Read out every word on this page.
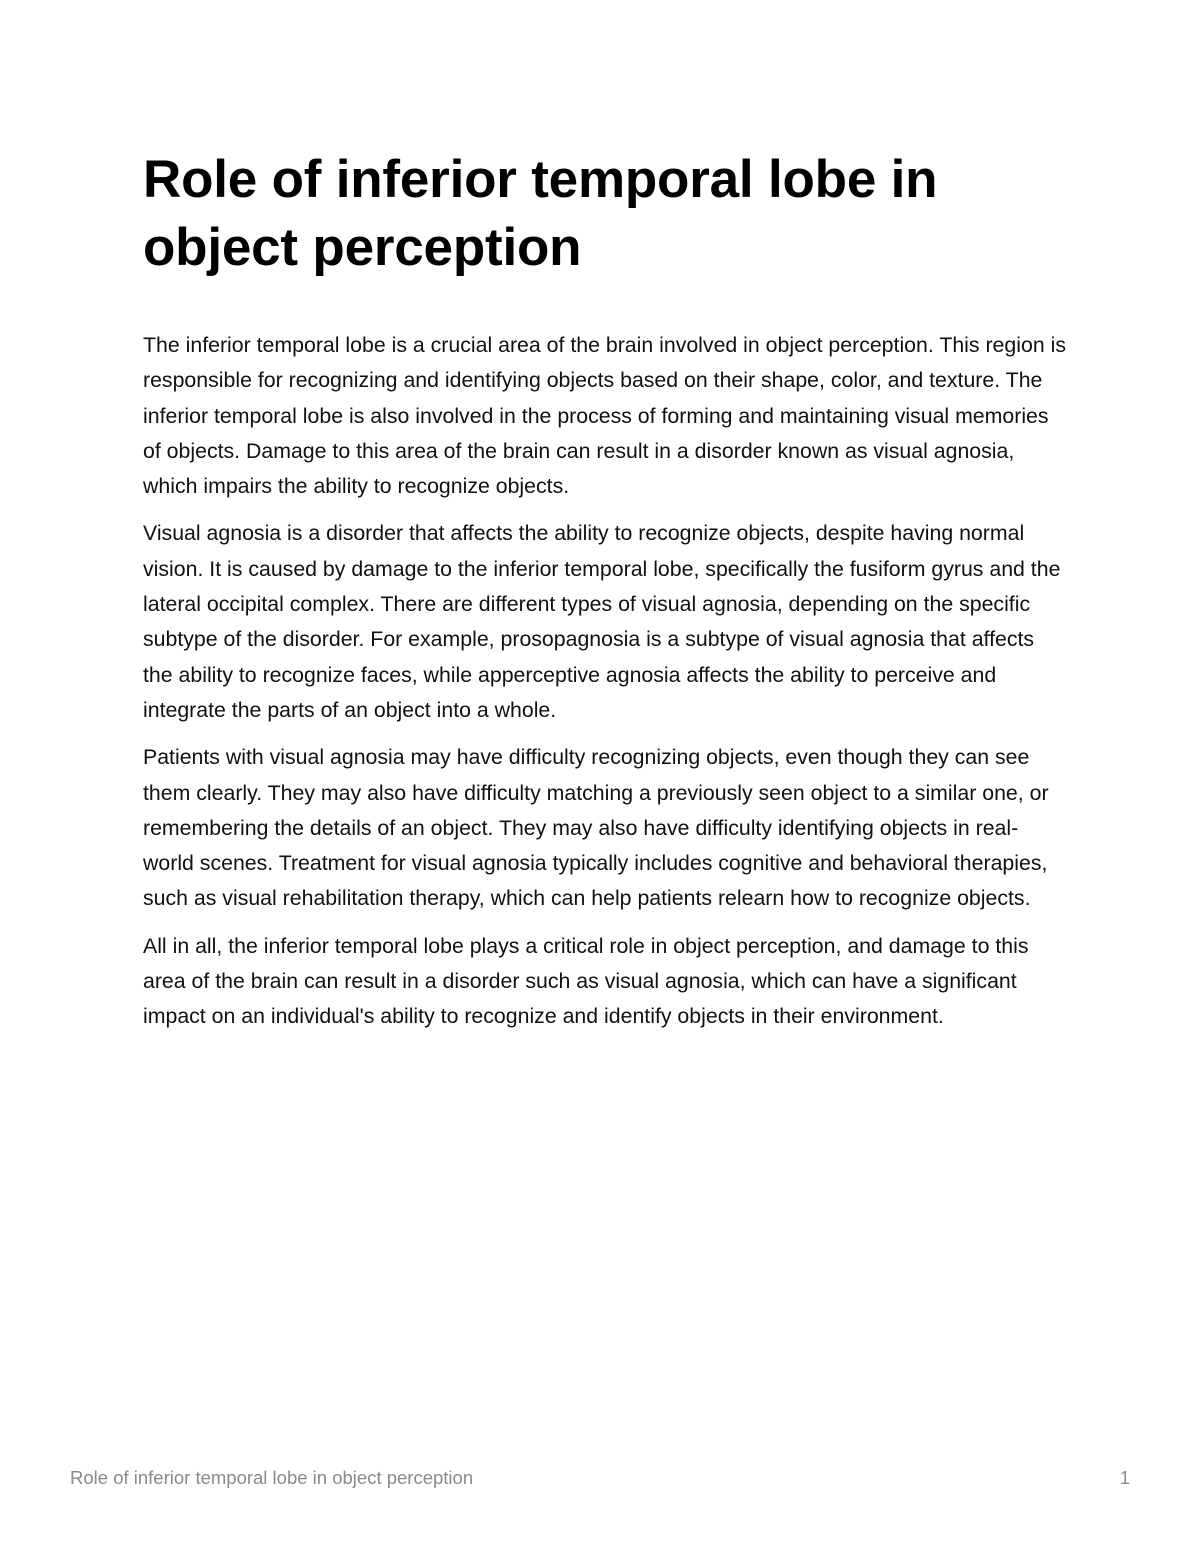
Role of inferior temporal lobe in object perception

The inferior temporal lobe is a crucial area of the brain involved in object perception. This region is responsible for recognizing and identifying objects based on their shape, color, and texture. The inferior temporal lobe is also involved in the process of forming and maintaining visual memories of objects. Damage to this area of the brain can result in a disorder known as visual agnosia, which impairs the ability to recognize objects.

Visual agnosia is a disorder that affects the ability to recognize objects, despite having normal vision. It is caused by damage to the inferior temporal lobe, specifically the fusiform gyrus and the lateral occipital complex. There are different types of visual agnosia, depending on the specific subtype of the disorder. For example, prosopagnosia is a subtype of visual agnosia that affects the ability to recognize faces, while apperceptive agnosia affects the ability to perceive and integrate the parts of an object into a whole.

Patients with visual agnosia may have difficulty recognizing objects, even though they can see them clearly. They may also have difficulty matching a previously seen object to a similar one, or remembering the details of an object. They may also have difficulty identifying objects in real-world scenes. Treatment for visual agnosia typically includes cognitive and behavioral therapies, such as visual rehabilitation therapy, which can help patients relearn how to recognize objects.

All in all, the inferior temporal lobe plays a critical role in object perception, and damage to this area of the brain can result in a disorder such as visual agnosia, which can have a significant impact on an individual's ability to recognize and identify objects in their environment.

Role of inferior temporal lobe in object perception	1
